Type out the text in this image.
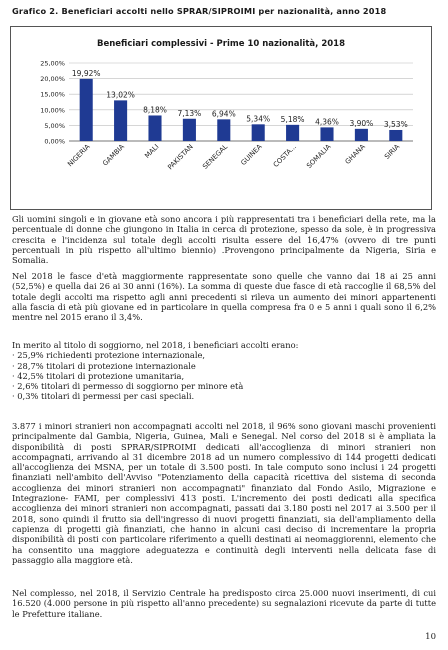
Grafico 2. Beneficiari accolti nello SPRAR/SIPROIMI per nazionalità, anno 2018
Beneficiari complessivi - Prime 10 nazionalità, 2018
0,00%
5,00%
10,00%
15,00%
20,00%
25,00%
19,92%
NIGERIA
13,02%
GAMBIA
8,18%
MALI
7,13%
PAKISTAN
6,94%
SENEGAL
5,34%
GUINEA
5,18%
COSTA...
4,36%
SOMALIA
3,90%
GHANA
3,53%
SIRIA

Gli uomini singoli e in giovane età sono ancora i più rappresentati tra i beneficiari della rete, ma la percentuale di donne che giungono in Italia in cerca di protezione, spesso da sole, è in progressiva crescita e l'incidenza sul totale degli accolti risulta essere del 16,47% (ovvero di tre punti percentuali in più rispetto all'ultimo biennio) .Provengono principalmente da Nigeria, Siria e Somalia.

Nel 2018 le fasce d'età maggiormente rappresentate sono quelle che vanno dai 18 ai 25 anni (52,5%) e quella dai 26 ai 30 anni (16%). La somma di queste due fasce di età raccoglie il 68,5% del totale degli accolti ma rispetto agli anni precedenti si rileva un aumento dei minori appartenenti alla fascia di età più giovane ed in particolare in quella compresa fra 0 e 5 anni i quali sono il 6,2% mentre nel 2015 erano il 3,4%.

In merito al titolo di soggiorno, nel 2018, i beneficiari accolti erano:

· 25,9% richiedenti protezione internazionale,
· 28,7% titolari di protezione internazionale
· 42,5% titolari di protezione umanitaria,
· 2,6% titolari di permesso di soggiorno per minore età
· 0,3% titolari di permessi per casi speciali.

3.877 i minori stranieri non accompagnati accolti nel 2018, il 96% sono giovani maschi provenienti principalmente dal Gambia, Nigeria, Guinea, Mali e Senegal. Nel corso del 2018 si è ampliata la disponibilità di posti SPRAR/SIPROIMI dedicati all'accoglienza di minori stranieri non accompagnati, arrivando al 31 dicembre 2018 ad un numero complessivo di 144 progetti dedicati all'accoglienza dei MSNA, per un totale di 3.500 posti. In tale computo sono inclusi i 24 progetti finanziati nell'ambito dell'Avviso "Potenziamento della capacità ricettiva del sistema di seconda accoglienza dei minori stranieri non accompagnati" finanziato dal Fondo Asilo, Migrazione e Integrazione- FAMI, per complessivi 413 posti. L'incremento dei posti dedicati alla specifica accoglienza dei minori stranieri non accompagnati, passati dai 3.180 posti nel 2017 ai 3.500 per il 2018, sono quindi il frutto sia dell'ingresso di nuovi progetti finanziati, sia dell'ampliamento della capienza di progetti già finanziati, che hanno in alcuni casi deciso di incrementare la propria disponibilità di posti con particolare riferimento a quelli destinati ai neomaggiorenni, elemento che ha consentito una maggiore adeguatezza e continuità degli interventi nella delicata fase di passaggio alla maggiore età.

Nel complesso, nel 2018, il Servizio Centrale ha predisposto circa 25.000 nuovi inserimenti, di cui 16.520 (4.000 persone in più rispetto all'anno precedente) su segnalazioni ricevute da parte di tutte le Prefetture italiane.

10
